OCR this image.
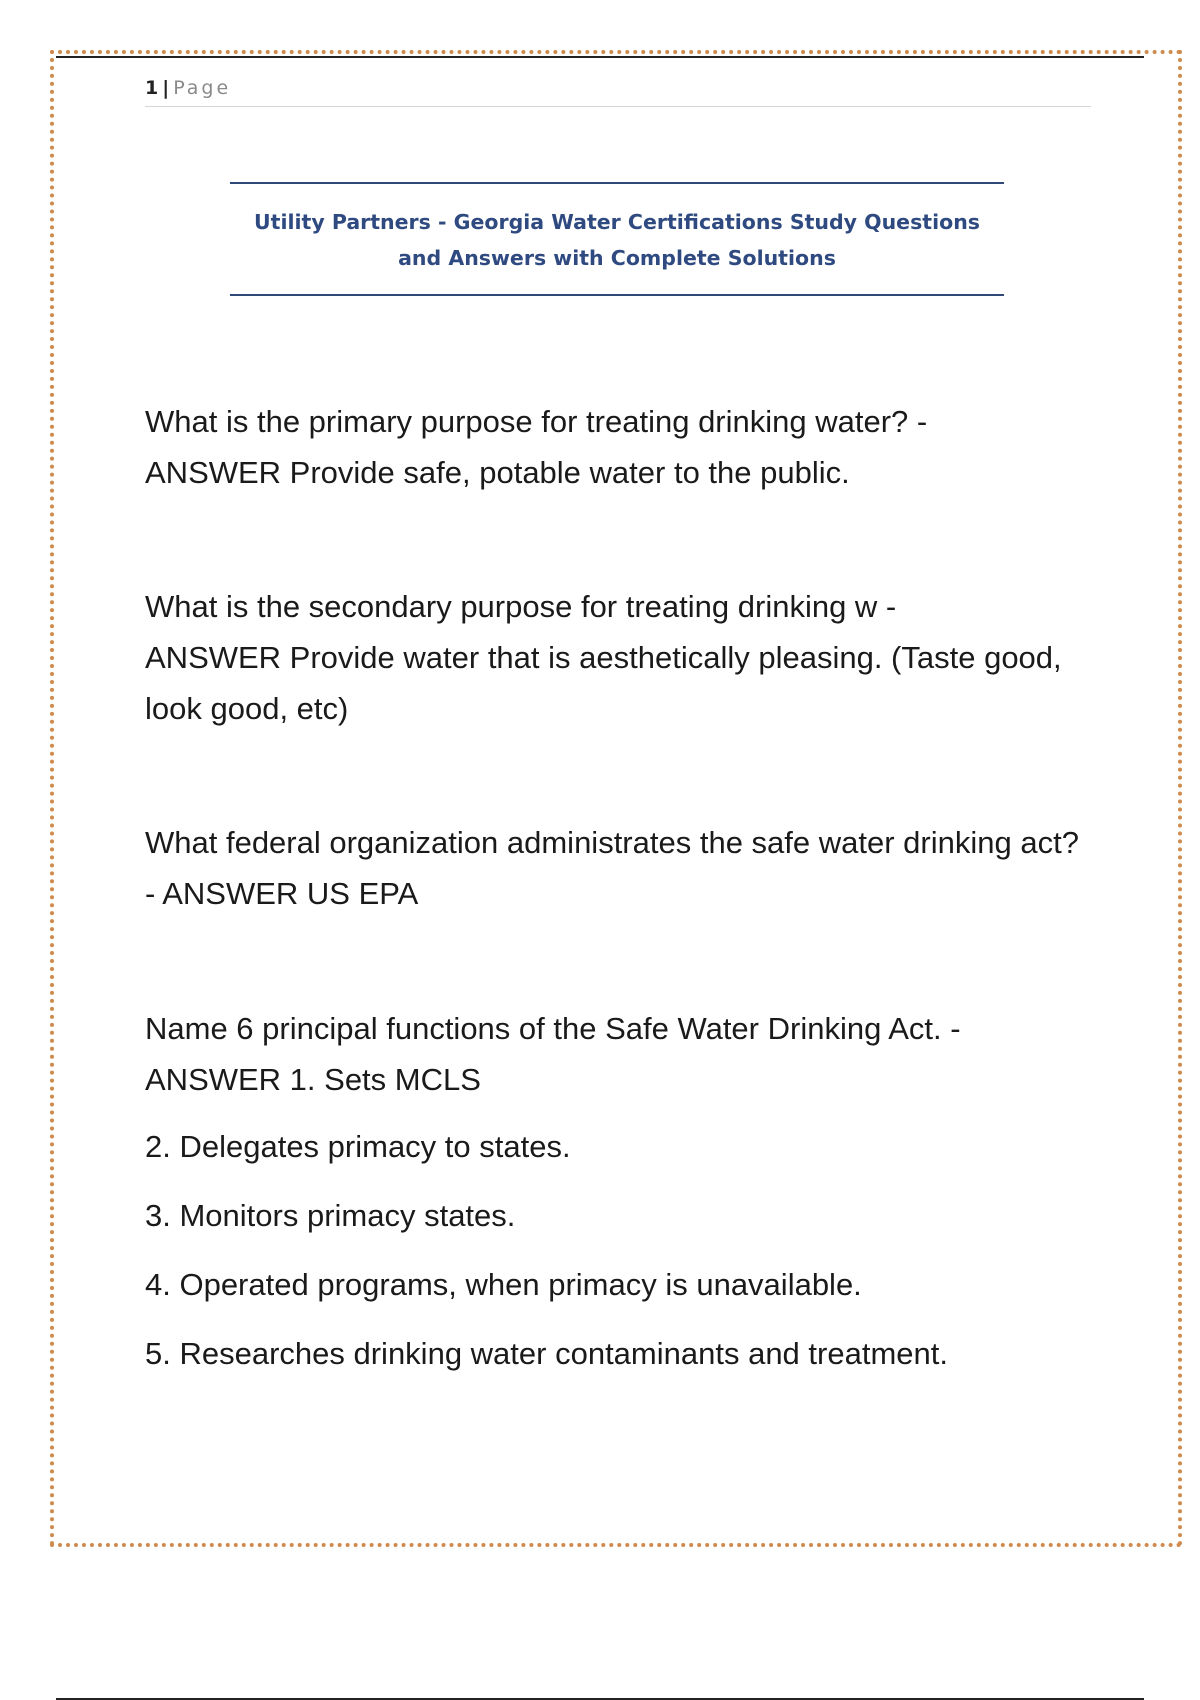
1 | Page
Utility Partners - Georgia Water Certifications Study Questions
and Answers with Complete Solutions

What is the primary purpose for treating drinking water? -
ANSWER Provide safe, potable water to the public.

What is the secondary purpose for treating drinking w -
ANSWER Provide water that is aesthetically pleasing. (Taste good, look good, etc)

What federal organization administrates the safe water drinking act? - ANSWER US EPA

Name 6 principal functions of the Safe Water Drinking Act. -
ANSWER 1. Sets MCLS

2. Delegates primacy to states.
3. Monitors primacy states.
4. Operated programs, when primacy is unavailable.
5. Researches drinking water contaminants and treatment.
